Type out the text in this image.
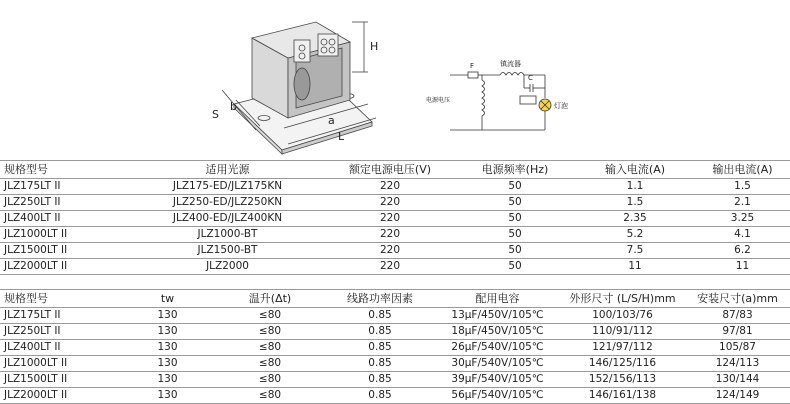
H
S
b
a
L
F	镇流器
C
电源电压
灯泡
规格型号	适用光源	额定电源电压(V)	电源频率(Hz)	输入电流(A)	输出电流(A)
JLZ175LT II	JLZ175-ED/JLZ175KN	220	50	1.1	1.5
JLZ250LT II	JLZ250-ED/JLZ250KN	220	50	1.5	2.1
JLZ400LT II	JLZ400-ED/JLZ400KN	220	50	2.35	3.25
JLZ1000LT II	JLZ1000-BT	220	50	5.2	4.1
JLZ1500LT II	JLZ1500-BT	220	50	7.5	6.2
JLZ2000LT II	JLZ2000	220	50	11	11
规格型号	tw	温升(Δt)	线路功率因素	配用电容	外形尺寸 (L/S/H)mm	安装尺寸(a)mm
JLZ175LT II	130	≤80	0.85	13μF/450V/105℃	100/103/76	87/83
JLZ250LT II	130	≤80	0.85	18μF/450V/105℃	110/91/112	97/81
JLZ400LT II	130	≤80	0.85	26μF/540V/105℃	121/97/112	105/87
JLZ1000LT II	130	≤80	0.85	30μF/540V/105℃	146/125/116	124/113
JLZ1500LT II	130	≤80	0.85	39μF/540V/105℃	152/156/113	130/144
JLZ2000LT II	130	≤80	0.85	56μF/540V/105℃	146/161/138	124/149
